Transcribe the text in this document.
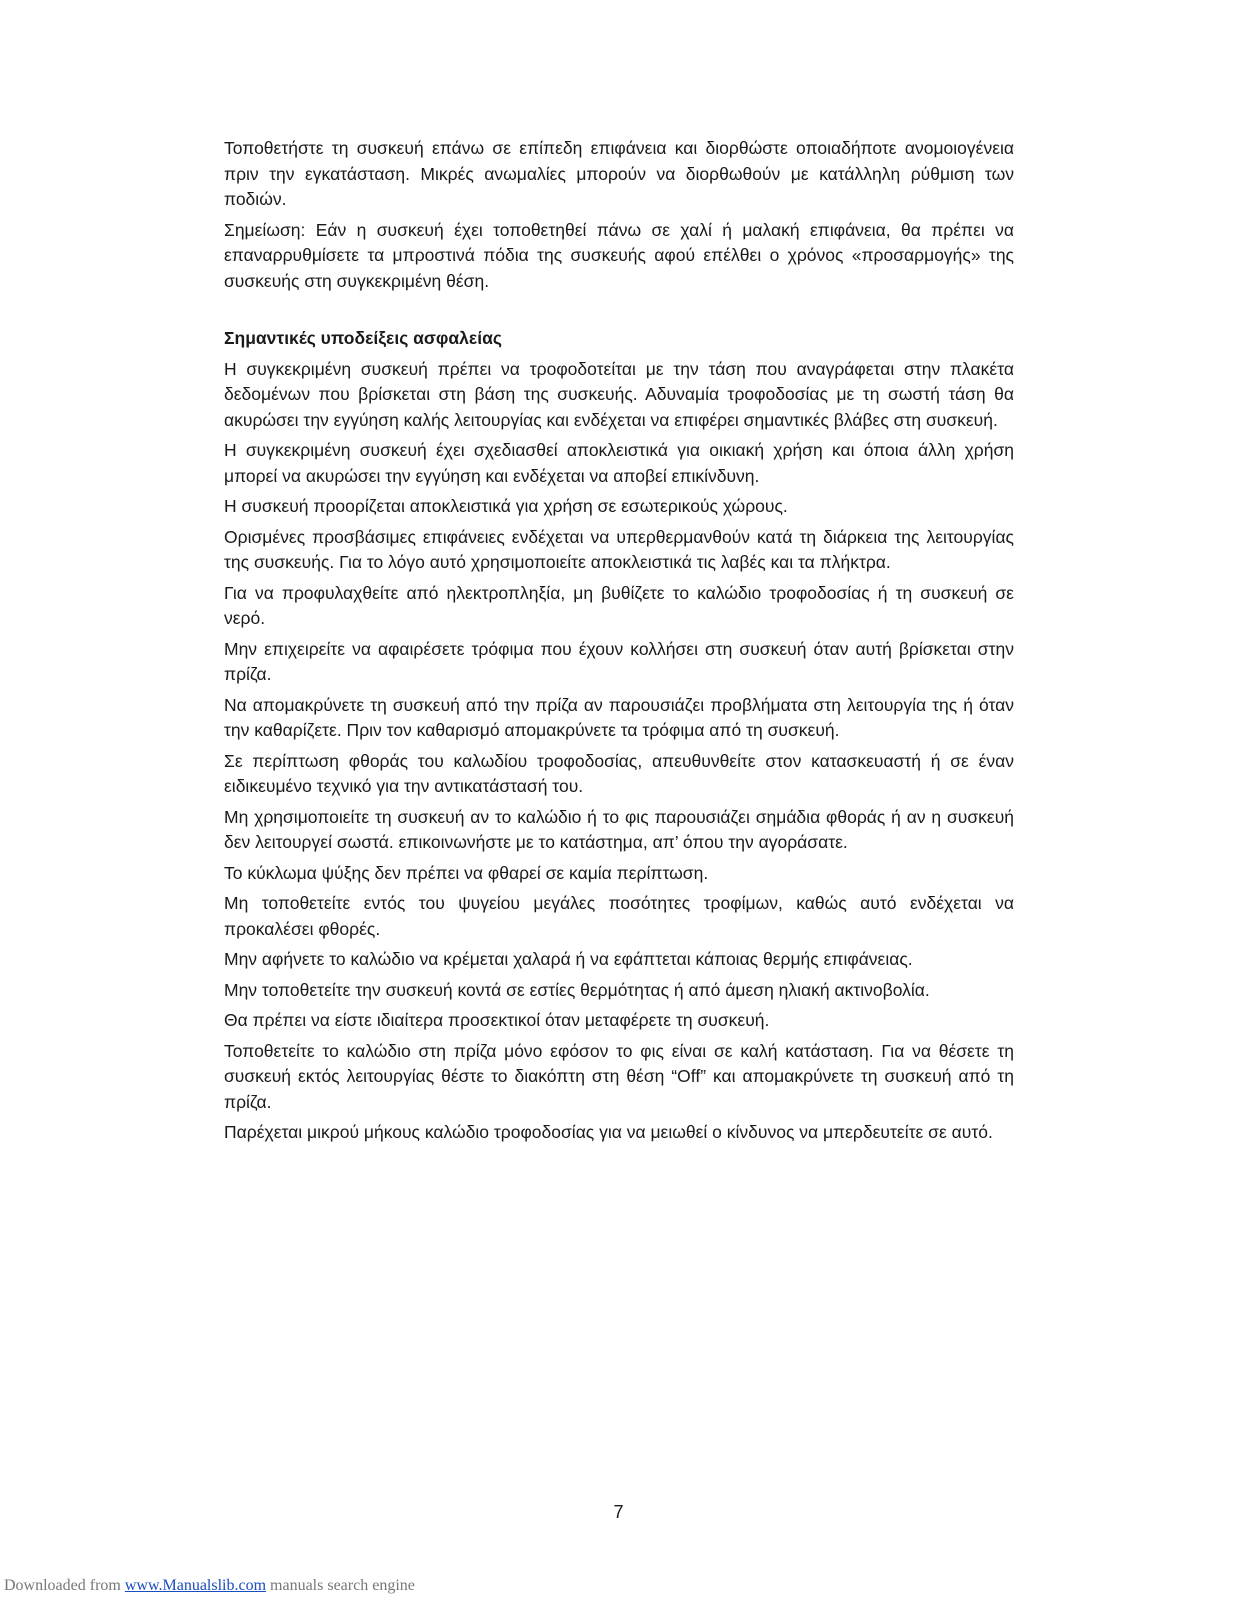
Τοποθετήστε τη συσκευή επάνω σε επίπεδη επιφάνεια και διορθώστε οποιαδήποτε ανομοιογένεια πριν την εγκατάσταση. Μικρές ανωμαλίες μπορούν να διορθωθούν με κατάλληλη ρύθμιση των ποδιών.

Σημείωση: Εάν η συσκευή έχει τοποθετηθεί πάνω σε χαλί ή μαλακή επιφάνεια, θα πρέπει να επαναρρυθμίσετε τα μπροστινά πόδια της συσκευής αφού επέλθει ο χρόνος «προσαρμογής» της συσκευής στη συγκεκριμένη θέση.

Σημαντικές υποδείξεις ασφαλείας

Η συγκεκριμένη συσκευή πρέπει να τροφοδοτείται με την τάση που αναγράφεται στην πλακέτα δεδομένων που βρίσκεται στη βάση της συσκευής. Αδυναμία τροφοδοσίας με τη σωστή τάση θα ακυρώσει την εγγύηση καλής λειτουργίας και ενδέχεται να επιφέρει σημαντικές βλάβες στη συσκευή.

Η συγκεκριμένη συσκευή έχει σχεδιασθεί αποκλειστικά για οικιακή χρήση και όποια άλλη χρήση μπορεί να ακυρώσει την εγγύηση και ενδέχεται να αποβεί επικίνδυνη.

Η συσκευή προορίζεται αποκλειστικά για χρήση σε εσωτερικούς χώρους.

Ορισμένες προσβάσιμες επιφάνειες ενδέχεται να υπερθερμανθούν κατά τη διάρκεια της λειτουργίας της συσκευής. Για το λόγο αυτό χρησιμοποιείτε αποκλειστικά τις λαβές και τα πλήκτρα.

Για να προφυλαχθείτε από ηλεκτροπληξία, μη βυθίζετε το καλώδιο τροφοδοσίας ή τη συσκευή σε νερό.

Μην επιχειρείτε να αφαιρέσετε τρόφιμα που έχουν κολλήσει στη συσκευή όταν αυτή βρίσκεται στην πρίζα.

Να απομακρύνετε τη συσκευή από την πρίζα αν παρουσιάζει προβλήματα στη λειτουργία της ή όταν την καθαρίζετε. Πριν τον καθαρισμό απομακρύνετε τα τρόφιμα από τη συσκευή.

Σε περίπτωση φθοράς του καλωδίου τροφοδοσίας, απευθυνθείτε στον κατασκευαστή ή σε έναν ειδικευμένο τεχνικό για την αντικατάστασή του.

Μη χρησιμοποιείτε τη συσκευή αν το καλώδιο ή το φις παρουσιάζει σημάδια φθοράς ή αν η συσκευή δεν λειτουργεί σωστά. επικοινωνήστε με το κατάστημα, απ’ όπου την αγοράσατε.

Το κύκλωμα ψύξης δεν πρέπει να φθαρεί σε καμία περίπτωση.

Μη τοποθετείτε εντός του ψυγείου μεγάλες ποσότητες τροφίμων, καθώς αυτό ενδέχεται να προκαλέσει φθορές.

Μην αφήνετε το καλώδιο να κρέμεται χαλαρά ή να εφάπτεται κάποιας θερμής επιφάνειας.

Μην τοποθετείτε την συσκευή κοντά σε εστίες θερμότητας ή από άμεση ηλιακή ακτινοβολία.

Θα πρέπει να είστε ιδιαίτερα προσεκτικοί όταν μεταφέρετε τη συσκευή.

Τοποθετείτε το καλώδιο στη πρίζα μόνο εφόσον το φις είναι σε καλή κατάσταση. Για να θέσετε τη συσκευή εκτός λειτουργίας θέστε το διακόπτη στη θέση “Off” και απομακρύνετε τη συσκευή από τη πρίζα.

Παρέχεται μικρού μήκους καλώδιο τροφοδοσίας για να μειωθεί ο κίνδυνος να μπερδευτείτε σε αυτό.

7
Downloaded from www.Manualslib.com manuals search engine
